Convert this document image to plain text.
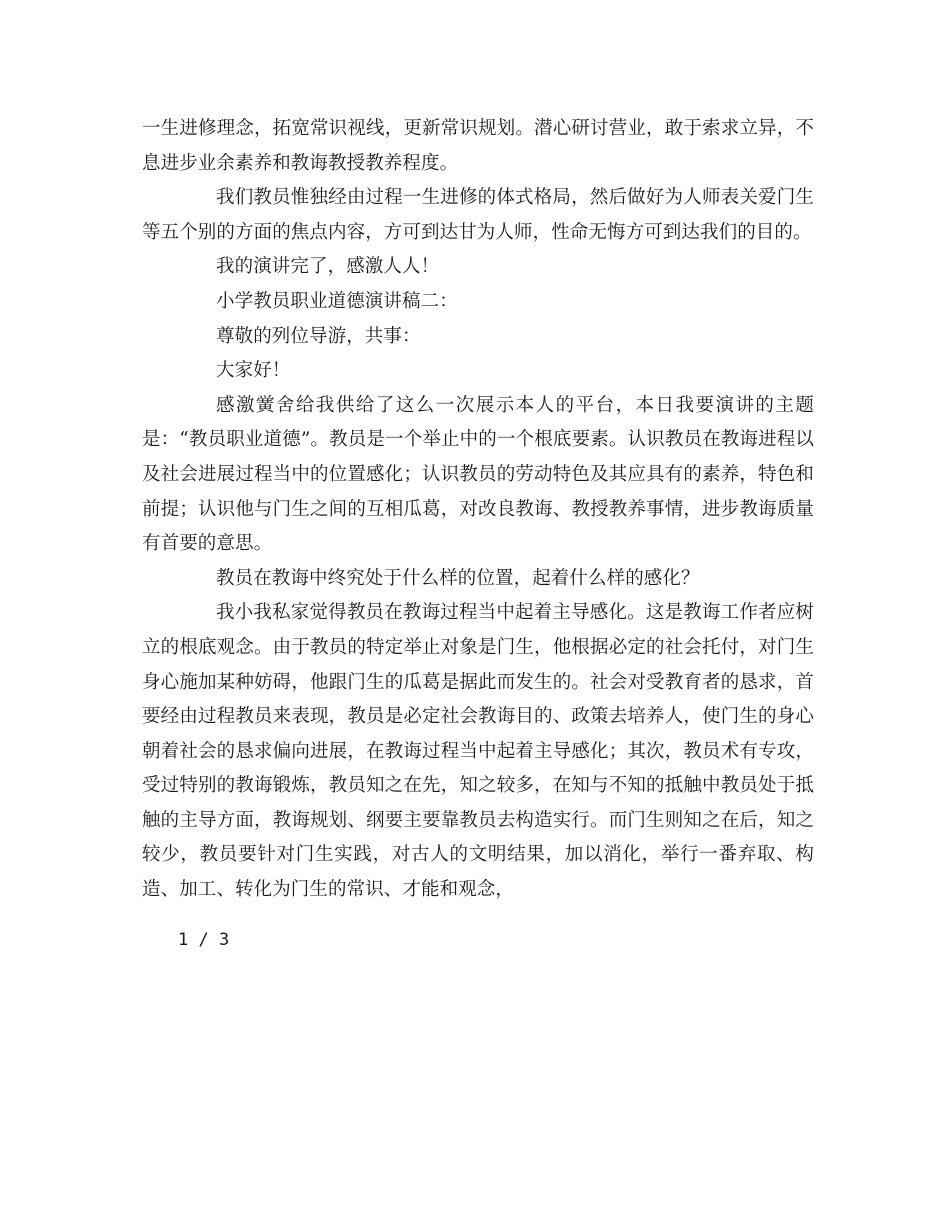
一生进修理念，拓宽常识视线，更新常识规划。潜心研讨营业，敢于索求立异，不息进步业余素养和教诲教授教养程度。

我们教员惟独经由过程一生进修的体式格局，然后做好为人师表关爱门生等五个别的方面的焦点内容，方可到达甘为人师，性命无悔方可到达我们的目的。

我的演讲完了，感激人人！

小学教员职业道德演讲稿二：

尊敬的列位导游，共事：

大家好！

感激黉舍给我供给了这么一次展示本人的平台，本日我要演讲的主题是：“教员职业道德”。教员是一个举止中的一个根底要素。认识教员在教诲进程以及社会进展过程当中的位置感化；认识教员的劳动特色及其应具有的素养，特色和前提；认识他与门生之间的互相瓜葛，对改良教诲、教授教养事情，进步教诲质量有首要的意思。

教员在教诲中终究处于什么样的位置，起着什么样的感化？

我小我私家觉得教员在教诲过程当中起着主导感化。这是教诲工作者应树立的根底观念。由于教员的特定举止对象是门生，他根据必定的社会托付，对门生身心施加某种妨碍，他跟门生的瓜葛是据此而发生的。社会对受教育者的恳求，首要经由过程教员来表现，教员是必定社会教诲目的、政策去培养人，使门生的身心朝着社会的恳求偏向进展，在教诲过程当中起着主导感化；其次，教员术有专攻，受过特别的教诲锻炼，教员知之在先，知之较多，在知与不知的抵触中教员处于抵触的主导方面，教诲规划、纲要主要靠教员去构造实行。而门生则知之在后，知之较少，教员要针对门生实践，对古人的文明结果，加以消化，举行一番弃取、构造、加工、转化为门生的常识、才能和观念，

1 / 3
